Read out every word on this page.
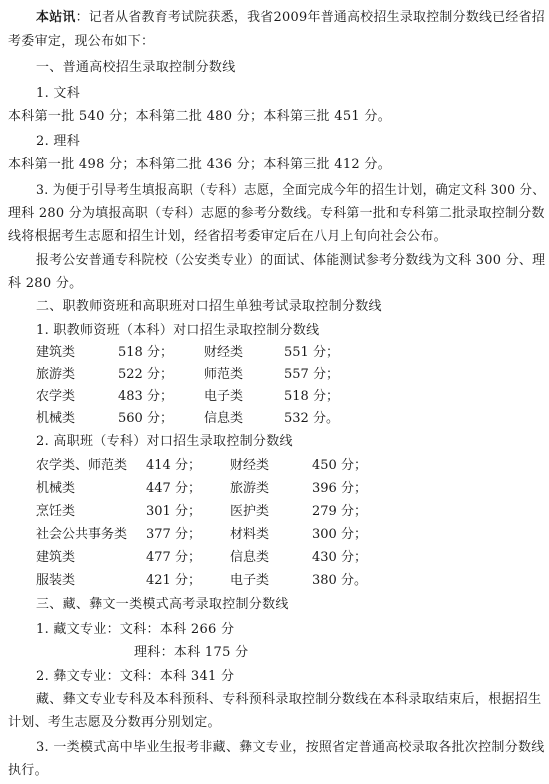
本站讯：记者从省教育考试院获悉，我省2009年普通高校招生录取控制分数线已经省招
考委审定，现公布如下：
一、普通高校招生录取控制分数线
1. 文科
本科第一批 540 分；本科第二批 480 分；本科第三批 451 分。
2. 理科
本科第一批 498 分；本科第二批 436 分；本科第三批 412 分。
3. 为便于引导考生填报高职（专科）志愿，全面完成今年的招生计划，确定文科 300 分、
理科 280 分为填报高职（专科）志愿的参考分数线。专科第一批和专科第二批录取控制分数
线将根据考生志愿和招生计划，经省招考委审定后在八月上旬向社会公布。
报考公安普通专科院校（公安类专业）的面试、体能测试参考分数线为文科 300 分、理
科 280 分。
二、职教师资班和高职班对口招生单独考试录取控制分数线
1. 职教师资班（本科）对口招生录取控制分数线
建筑类	518 分； 财经类	551 分；
旅游类	522 分； 师范类	557 分；
农学类	483 分； 电子类	518 分；
机械类	560 分； 信息类	532 分。
2. 高职班（专科）对口招生录取控制分数线
农学类、师范类 414 分； 财经类	450 分；
机械类	447 分； 旅游类	396 分；
烹饪类	301 分； 医护类	279 分；
社会公共事务类 377 分； 材料类	300 分；
建筑类	477 分； 信息类	430 分；
服装类	421 分； 电子类	380 分。
三、藏、彝文一类模式高考录取控制分数线
1. 藏文专业：文科：本科 266 分
理科：本科 175 分
2. 彝文专业：文科：本科 341 分
藏、彝文专业专科及本科预科、专科预科录取控制分数线在本科录取结束后，根据招生
计划、考生志愿及分数再分别划定。
3. 一类模式高中毕业生报考非藏、彝文专业，按照省定普通高校录取各批次控制分数线
执行。
